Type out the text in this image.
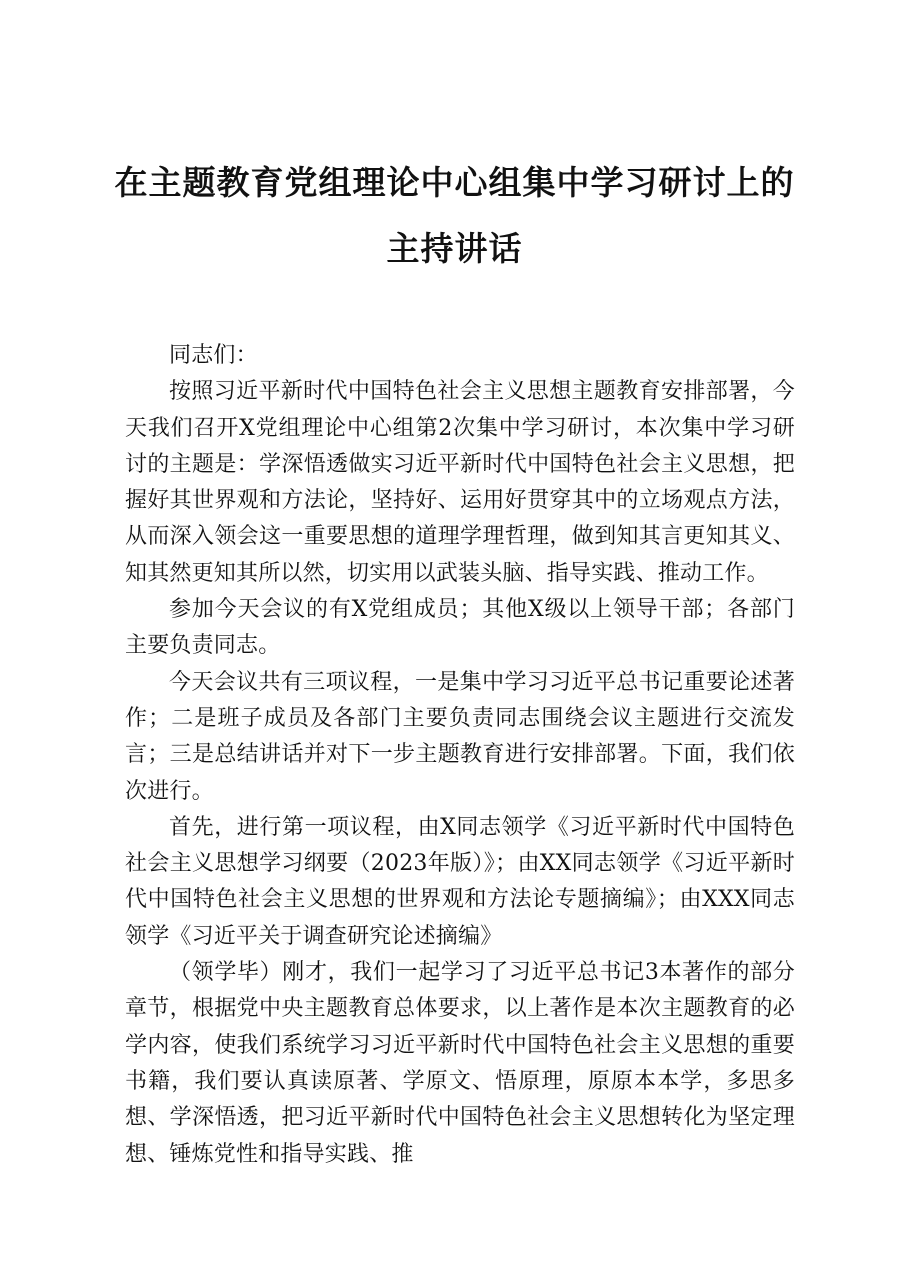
在主题教育党组理论中心组集中学习研讨上的
主持讲话

同志们：

按照习近平新时代中国特色社会主义思想主题教育安排部署，今天我们召开X党组理论中心组第2次集中学习研讨，本次集中学习研讨的主题是：学深悟透做实习近平新时代中国特色社会主义思想，把握好其世界观和方法论，坚持好、运用好贯穿其中的立场观点方法，从而深入领会这一重要思想的道理学理哲理，做到知其言更知其义、知其然更知其所以然，切实用以武装头脑、指导实践、推动工作。

参加今天会议的有X党组成员；其他X级以上领导干部；各部门主要负责同志。

今天会议共有三项议程，一是集中学习习近平总书记重要论述著作；二是班子成员及各部门主要负责同志围绕会议主题进行交流发言；三是总结讲话并对下一步主题教育进行安排部署。下面，我们依次进行。

首先，进行第一项议程，由X同志领学《习近平新时代中国特色社会主义思想学习纲要（2023年版）》；由XX同志领学《习近平新时代中国特色社会主义思想的世界观和方法论专题摘编》；由XXX同志领学《习近平关于调查研究论述摘编》

（领学毕）刚才，我们一起学习了习近平总书记3本著作的部分章节，根据党中央主题教育总体要求，以上著作是本次主题教育的必学内容，使我们系统学习习近平新时代中国特色社会主义思想的重要书籍，我们要认真读原著、学原文、悟原理，原原本本学，多思多想、学深悟透，把习近平新时代中国特色社会主义思想转化为坚定理想、锤炼党性和指导实践、推
